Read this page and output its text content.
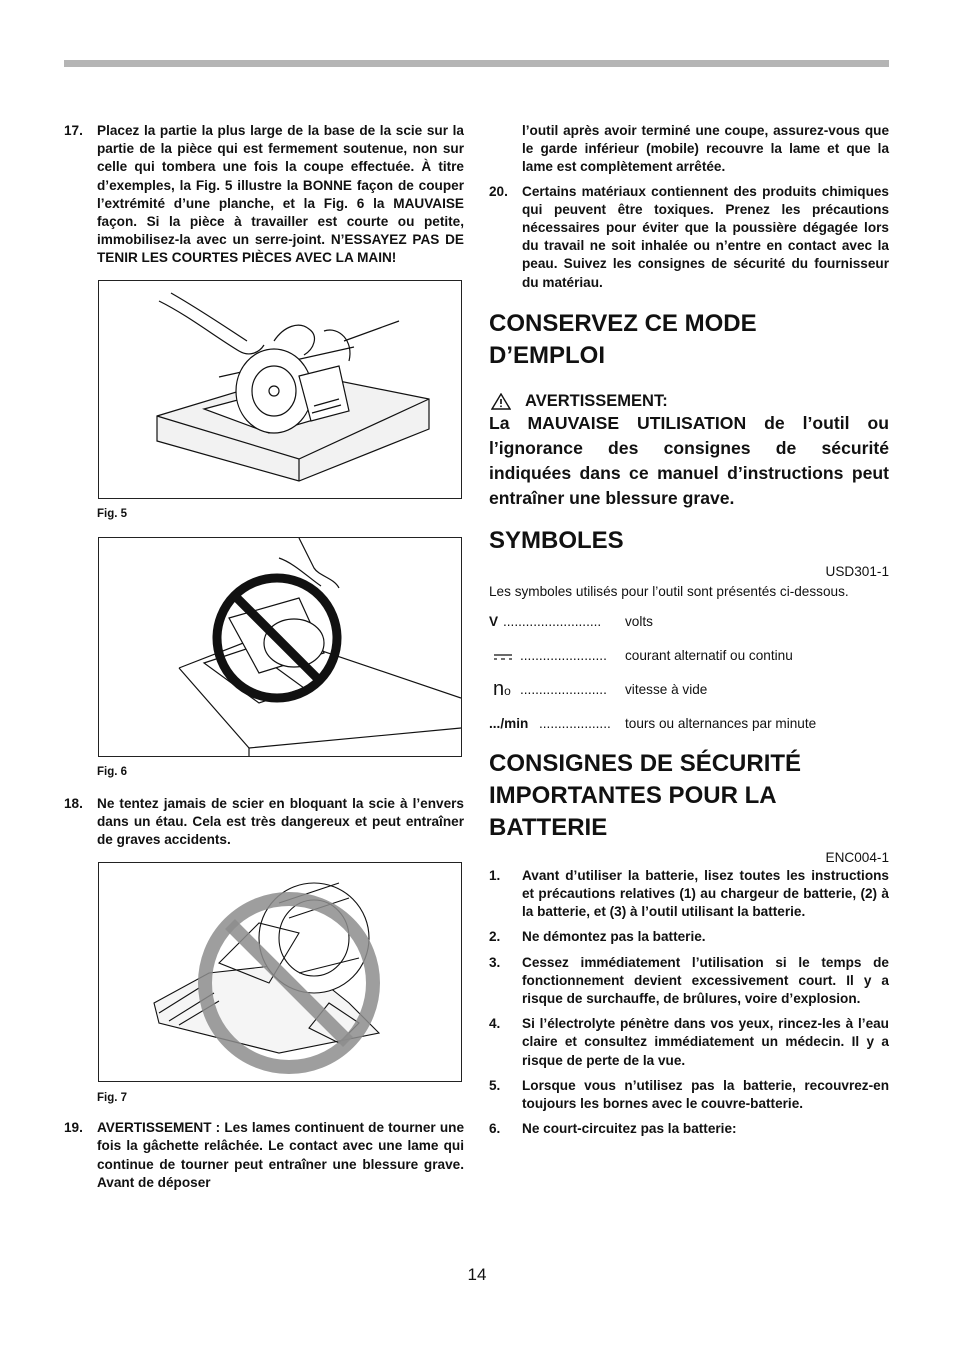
17. Placez la partie la plus large de la base de la scie sur la partie de la pièce qui est fermement soutenue, non sur celle qui tombera une fois la coupe effectuée. À titre d’exemples, la Fig. 5 illustre la BONNE façon de couper l’extrémité d’une planche, et la Fig. 6 la MAUVAISE façon. Si la pièce à travailler est courte ou petite, immobilisez-la avec un serre-joint. N’ESSAYEZ PAS DE TENIR LES COURTES PIÈCES AVEC LA MAIN!
Fig. 5
Fig. 6
18. Ne tentez jamais de scier en bloquant la scie à l’envers dans un étau. Cela est très dangereux et peut entraîner de graves accidents.
Fig. 7
19. AVERTISSEMENT : Les lames continuent de tourner une fois la gâchette relâchée. Le contact avec une lame qui continue de tourner peut entraîner une blessure grave. Avant de déposer
l’outil après avoir terminé une coupe, assurez-vous que le garde inférieur (mobile) recouvre la lame et que la lame est complètement arrêtée.
20. Certains matériaux contiennent des produits chimiques qui peuvent être toxiques. Prenez les précautions nécessaires pour éviter que la poussière dégagée lors du travail ne soit inhalée ou n’entre en contact avec la peau. Suivez les consignes de sécurité du fournisseur du matériau.
CONSERVEZ CE MODE
D’EMPLOI
AVERTISSEMENT:
La MAUVAISE UTILISATION de l’outil ou l’ignorance des consignes de sécurité indiquées dans ce manuel d’instructions peut entraîner une blessure grave.
SYMBOLES
USD301-1
Les symboles utilisés pour l’outil sont présentés ci-dessous.
V ..........................	volts
.......................	courant alternatif ou continu
no .......................	vitesse à vide
.../min ...................	tours ou alternances par minute
CONSIGNES DE SÉCURITÉ
IMPORTANTES POUR LA
BATTERIE
ENC004-1
1. Avant d’utiliser la batterie, lisez toutes les instructions et précautions relatives (1) au chargeur de batterie, (2) à la batterie, et (3) à l’outil utilisant la batterie.
2. Ne démontez pas la batterie.
3. Cessez immédiatement l’utilisation si le temps de fonctionnement devient excessivement court. Il y a risque de surchauffe, de brûlures, voire d’explosion.
4. Si l’électrolyte pénètre dans vos yeux, rincez-les à l’eau claire et consultez immédiatement un médecin. Il y a risque de perte de la vue.
5. Lorsque vous n’utilisez pas la batterie, recouvrez-en toujours les bornes avec le couvre-batterie.
6. Ne court-circuitez pas la batterie:
14
